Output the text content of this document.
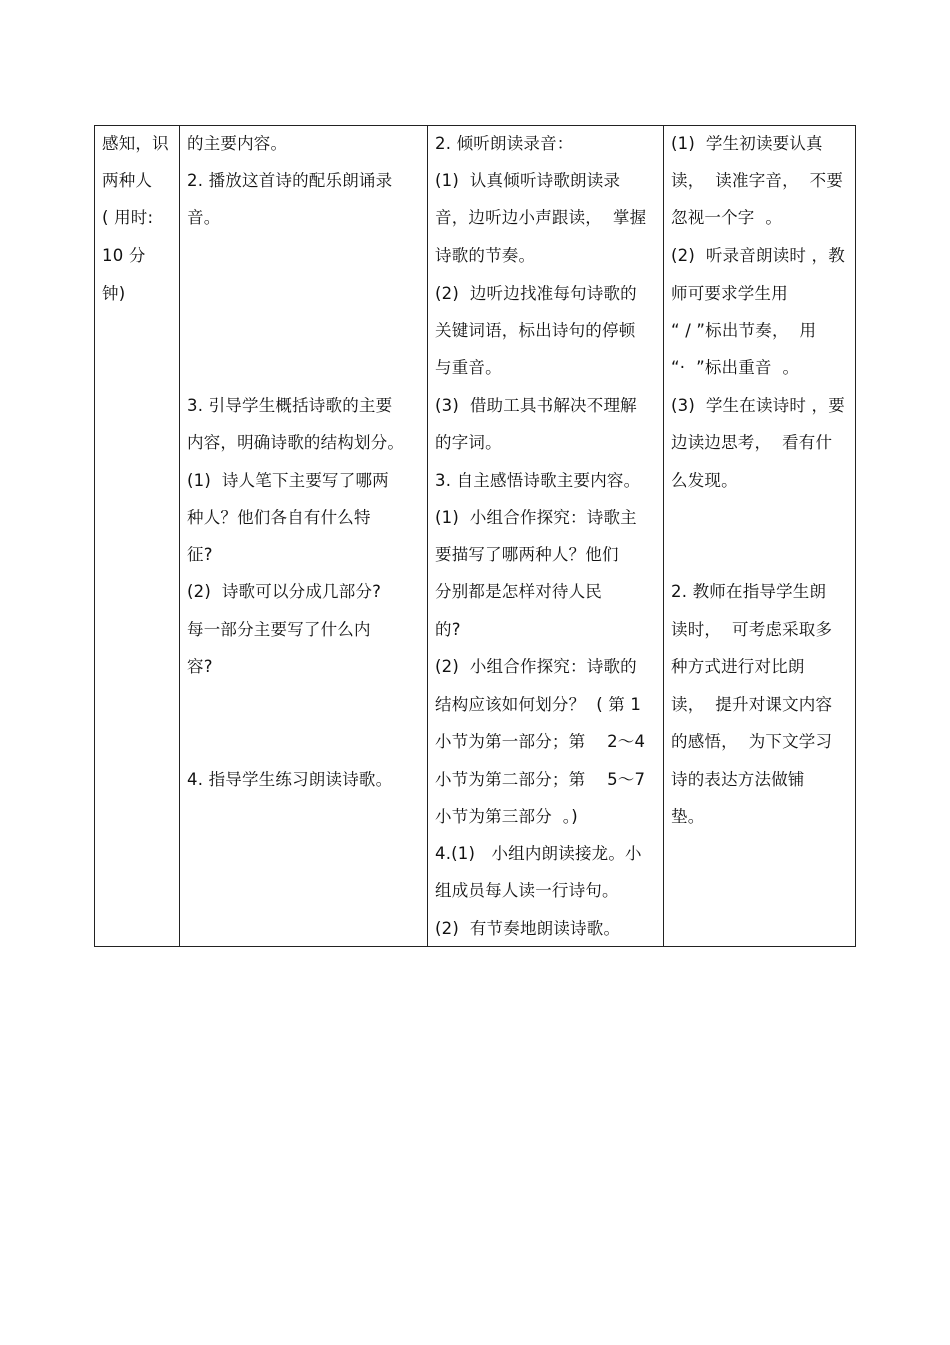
感知，识
两种人
( 用时:
10 分
钟)
的主要内容。
2. 播放这首诗的配乐朗诵录
音。
3. 引导学生概括诗歌的主要
内容，明确诗歌的结构划分。
(1)  诗人笔下主要写了哪两
种人？他们各自有什么特
征?
(2)  诗歌可以分成几部分?
每一部分主要写了什么内
容?
4. 指导学生练习朗读诗歌。
2. 倾听朗读录音：
(1)  认真倾听诗歌朗读录
音，边听边小声跟读，  掌握
诗歌的节奏。
(2)  边听边找准每句诗歌的
关键词语，标出诗句的停顿
与重音。
(3)  借助工具书解决不理解
的字词。
3. 自主感悟诗歌主要内容。
(1)  小组合作探究：诗歌主
要描写了哪两种人？他们
分别都是怎样对待人民
的?
(2)  小组合作探究：诗歌的
结构应该如何划分？  ( 第 1
小节为第一部分；第    2～4
小节为第二部分；第    5～7
小节为第三部分  。)
4.(1)   小组内朗读接龙。小
组成员每人读一行诗句。
(2)  有节奏地朗读诗歌。
(1)  学生初读要认真
读，  读准字音，  不要
忽视一个字  。
(2)  听录音朗读时 ，教
师可要求学生用
“ / ”标出节奏，  用
“·  ”标出重音  。
(3)  学生在读诗时 ，要
边读边思考，  看有什
么发现。
2. 教师在指导学生朗
读时，  可考虑采取多
种方式进行对比朗
读，  提升对课文内容
的感悟，  为下文学习
诗的表达方法做铺
垫。
